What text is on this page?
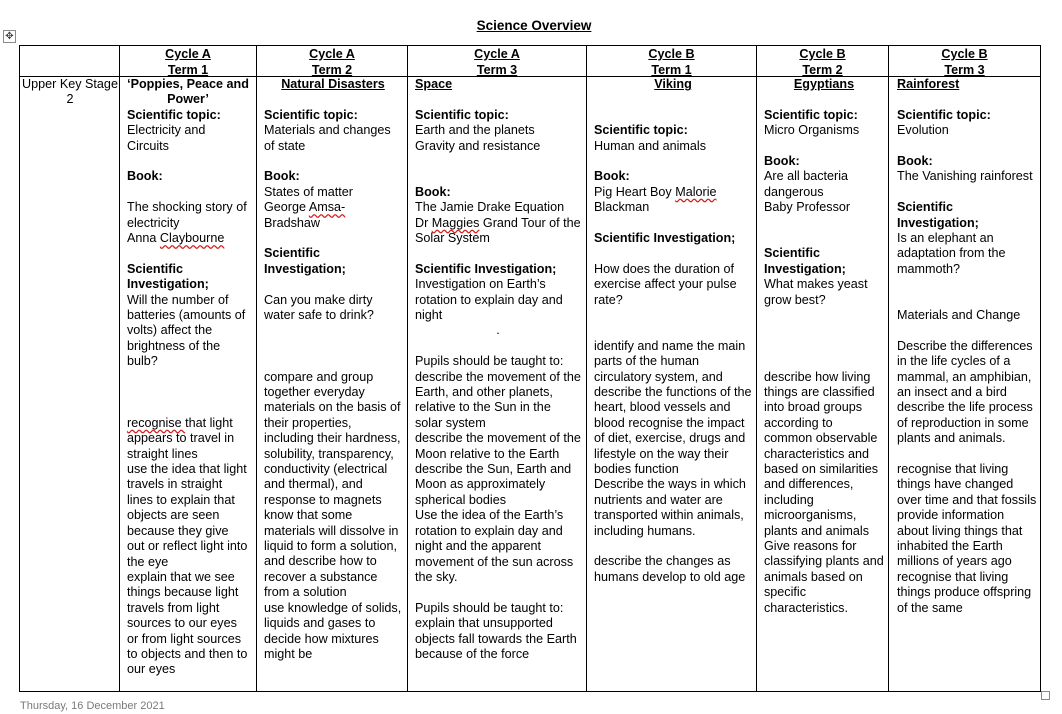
Science Overview
✥
Cycle A
Term 1
Cycle A
Term 2
Cycle A
Term 3
Cycle B
Term 1
Cycle B
Term 2
Cycle B
Term 3

Upper Key Stage 2

‘Poppies, Peace and Power’

Scientific topic:

Electricity and Circuits

Book:

The shocking story of electricity

Anna Claybourne

Scientific Investigation;

Will the number of batteries (amounts of volts) affect the brightness of the bulb?

recognise that light appears to travel in straight lines
use the idea that light travels in straight lines to explain that objects are seen because they give out or reflect light into the eye
explain that we see things because light travels from light sources to our eyes or from light sources to objects and then to our eyes

Natural Disasters

Scientific topic:

Materials and changes of state

Book:

States of matter

George Amsa-
Bradshaw

Scientific Investigation;

Can you make dirty water safe to drink?

compare and group together everyday materials on the basis of their properties, including their hardness, solubility, transparency, conductivity (electrical and thermal), and response to magnets
know that some materials will dissolve in liquid to form a solution, and describe how to recover a substance from a solution
use knowledge of solids, liquids and gases to decide how mixtures might be

Space

Scientific topic:

Earth and the planets
Gravity and resistance

Book:

The Jamie Drake Equation

Dr Maggies Grand Tour of the Solar System

Scientific Investigation;

Investigation on Earth’s rotation to explain day and night

.

Pupils should be taught to:

describe the movement of the Earth, and other planets, relative to the Sun in the solar system
describe the movement of the Moon relative to the Earth
describe the Sun, Earth and Moon as approximately spherical bodies
Use the idea of the Earth’s rotation to explain day and night and the apparent movement of the sun across the sky.

Pupils should be taught to:

explain that unsupported objects fall towards the Earth because of the force

Viking

Scientific topic:

Human and animals

Book:

Pig Heart Boy Malorie
Blackman

Scientific Investigation;

How does the duration of exercise affect your pulse rate?

identify and name the main parts of the human circulatory system, and describe the functions of the heart, blood vessels and blood recognise the impact of diet, exercise, drugs and lifestyle on the way their bodies function
Describe the ways in which nutrients and water are transported within animals, including humans.

describe the changes as humans develop to old age

Egyptians

Scientific topic:

Micro Organisms

Book:

Are all bacteria dangerous
Baby Professor

Scientific Investigation;

What makes yeast grow best?

describe how living things are classified into broad groups according to common observable characteristics and based on similarities and differences, including microorganisms, plants and animals
Give reasons for classifying plants and animals based on specific characteristics.

Rainforest

Scientific topic:

Evolution

Book:

The Vanishing rainforest

Scientific Investigation;

Is an elephant an adaptation from the mammoth?

Materials and Change

Describe the differences in the life cycles of a mammal, an amphibian, an insect and a bird
describe the life process of reproduction in some plants and animals.

recognise that living things have changed over time and that fossils provide information about living things that inhabited the Earth millions of years ago
recognise that living things produce offspring of the same

Thursday, 16 December 2021
